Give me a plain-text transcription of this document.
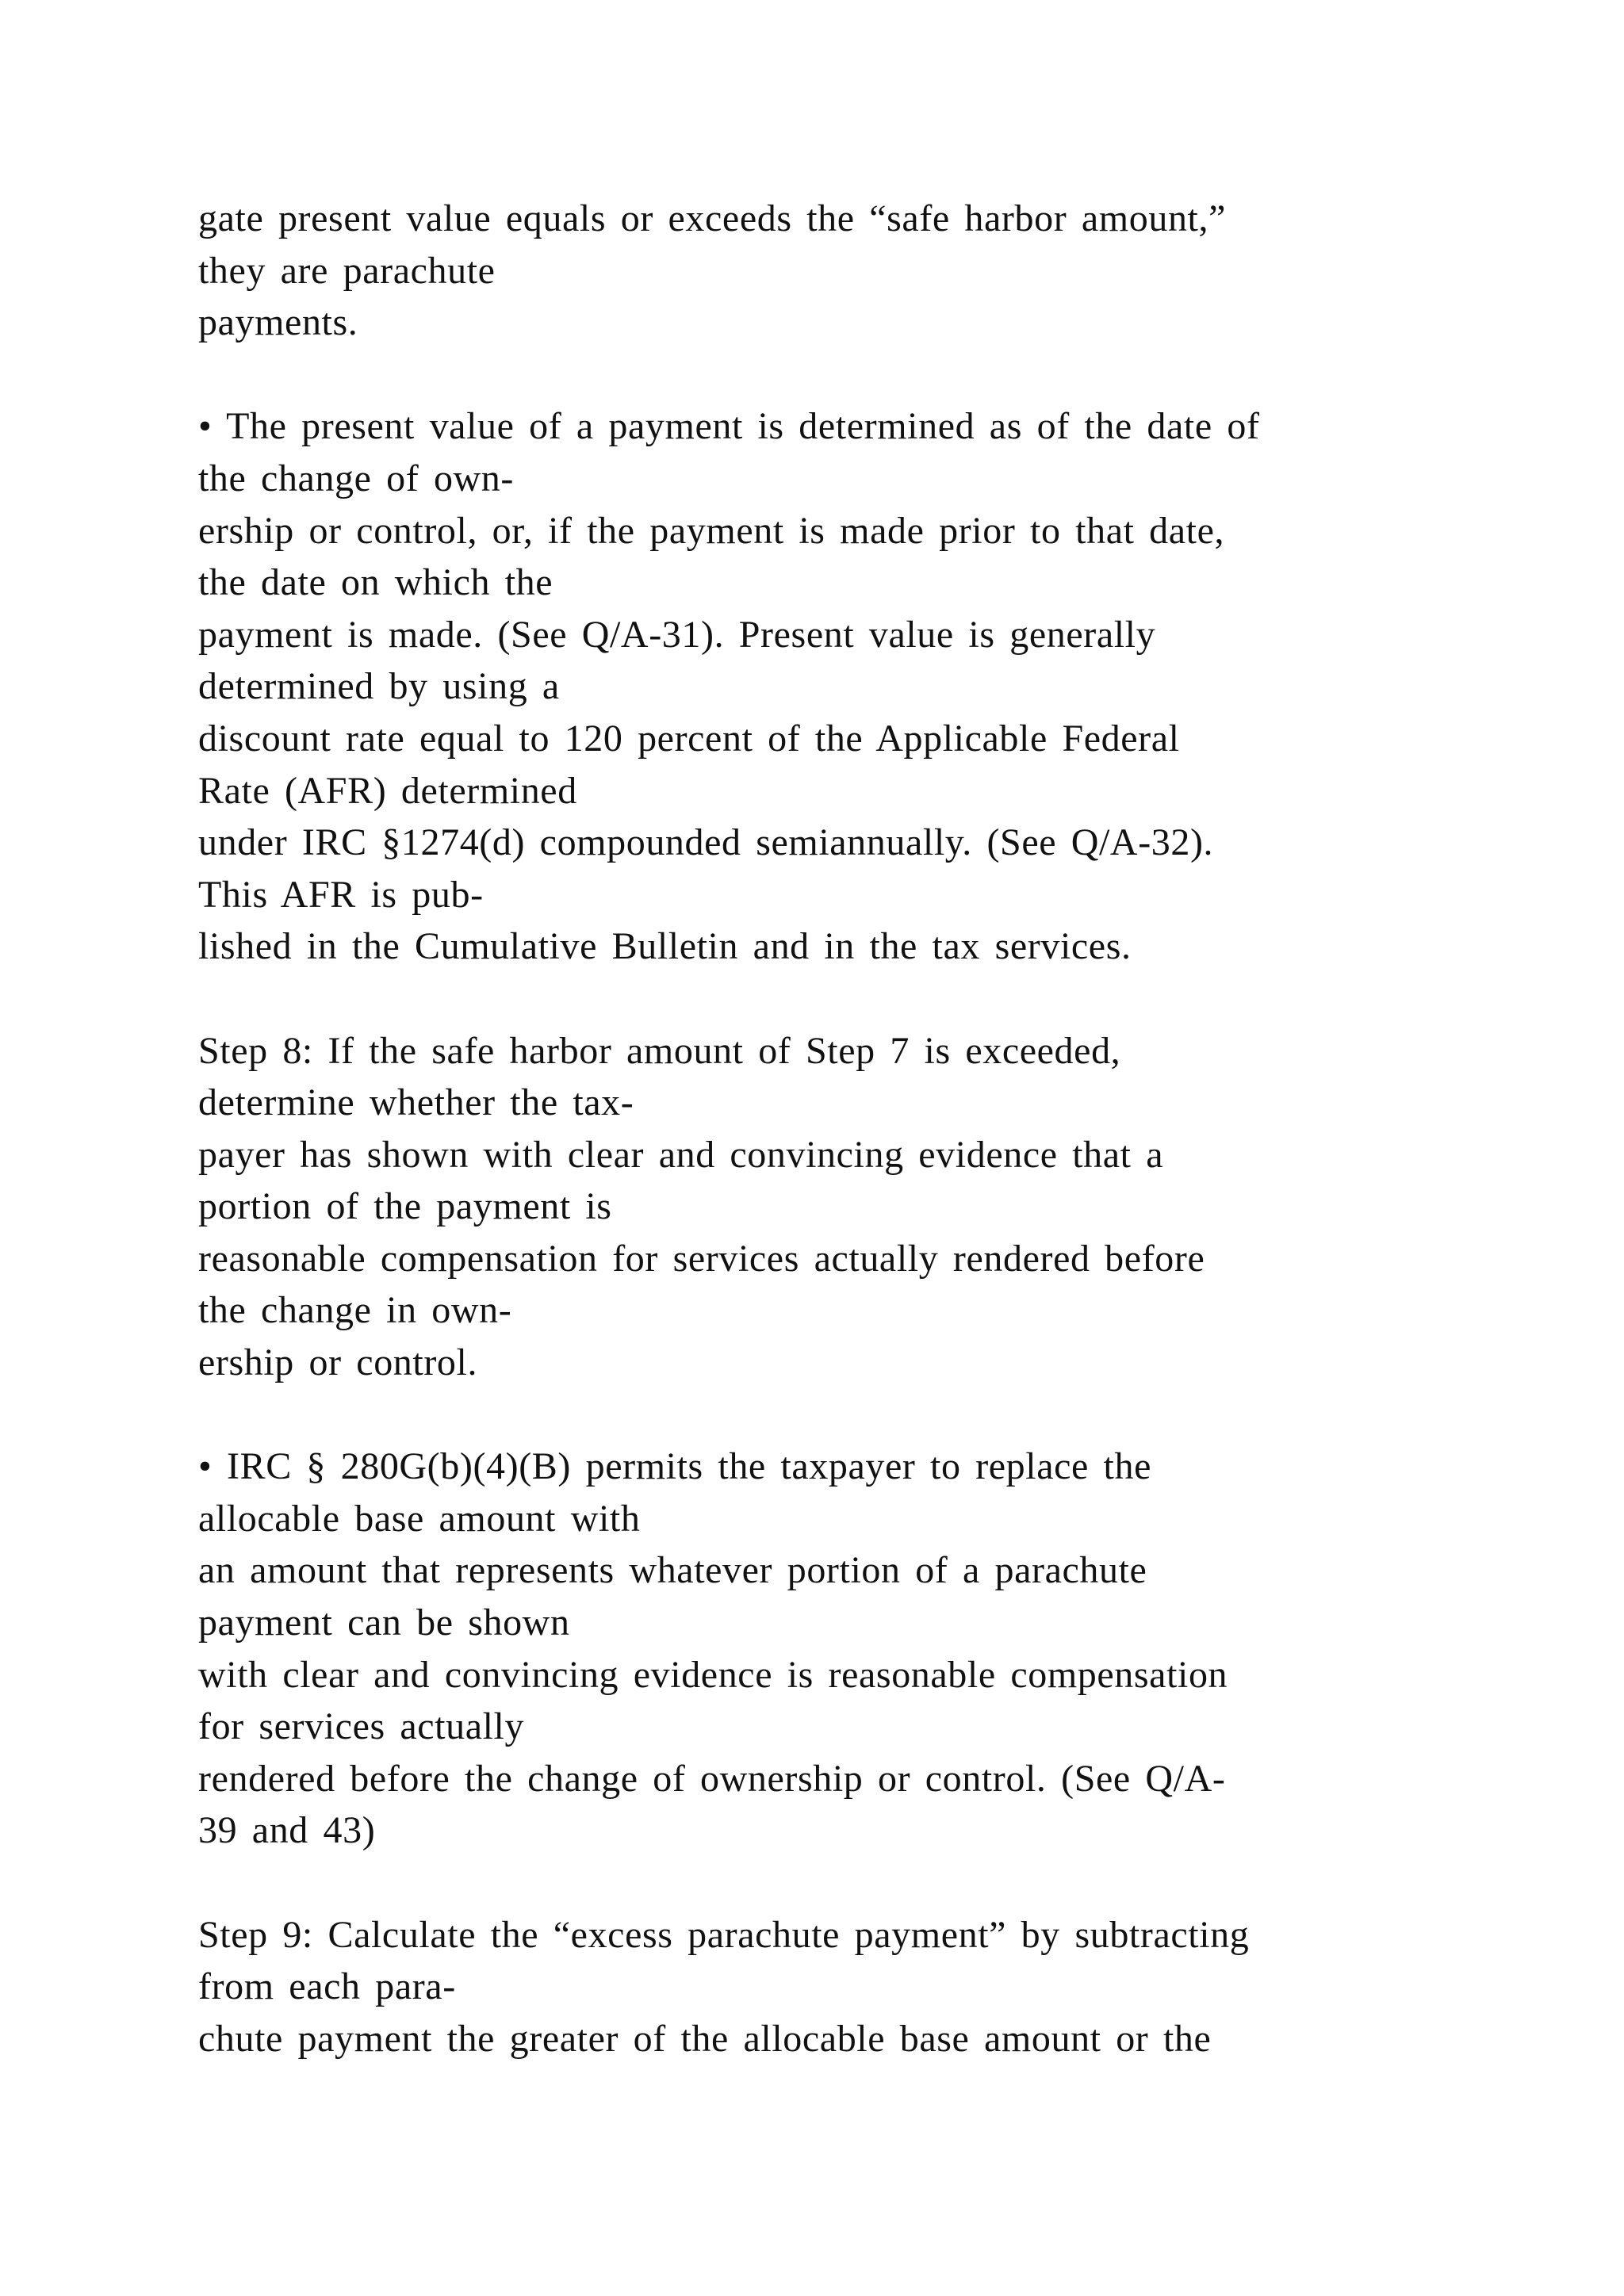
gate present value equals or exceeds the “safe harbor amount,”
they are parachute
payments.
• The present value of a payment is determined as of the date of
the change of own-
ership or control, or, if the payment is made prior to that date,
the date on which the
payment is made. (See Q/A-31). Present value is generally
determined by using a
discount rate equal to 120 percent of the Applicable Federal
Rate (AFR) determined
under IRC §1274(d) compounded semiannually. (See Q/A-32).
This AFR is pub-
lished in the Cumulative Bulletin and in the tax services.
Step 8: If the safe harbor amount of Step 7 is exceeded,
determine whether the tax-
payer has shown with clear and convincing evidence that a
portion of the payment is
reasonable compensation for services actually rendered before
the change in own-
ership or control.
• IRC § 280G(b)(4)(B) permits the taxpayer to replace the
allocable base amount with
an amount that represents whatever portion of a parachute
payment can be shown
with clear and convincing evidence is reasonable compensation
for services actually
rendered before the change of ownership or control. (See Q/A-
39 and 43)
Step 9: Calculate the “excess parachute payment” by subtracting
from each para-
chute payment the greater of the allocable base amount or the
